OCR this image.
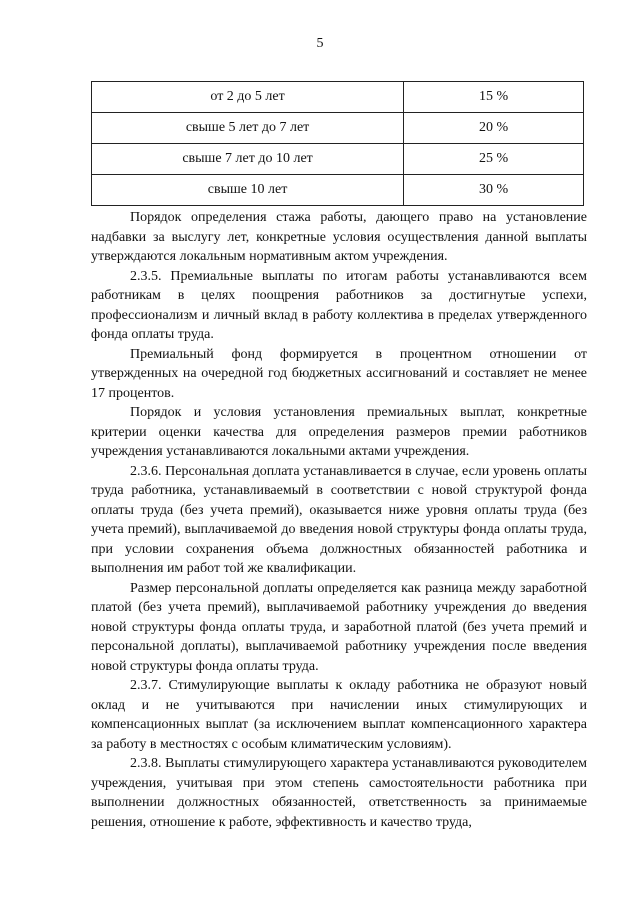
5
от 2 до 5 лет	15 %
свыше 5 лет до 7 лет	20 %
свыше 7 лет до 10 лет	25 %
свыше 10 лет	30 %

Порядок определения стажа работы, дающего право на установление надбавки за выслугу лет, конкретные условия осуществления данной выплаты утверждаются локальным нормативным актом учреждения.

2.3.5. Премиальные выплаты по итогам работы устанавливаются всем работникам в целях поощрения работников за достигнутые успехи, профессионализм и личный вклад в работу коллектива в пределах утвержденного фонда оплаты труда.

Премиальный фонд формируется в процентном отношении от утвержденных на очередной год бюджетных ассигнований и составляет не менее 17 процентов.

Порядок и условия установления премиальных выплат, конкретные критерии оценки качества для определения размеров премии работников учреждения устанавливаются локальными актами учреждения.

2.3.6. Персональная доплата устанавливается в случае, если уровень оплаты труда работника, устанавливаемый в соответствии с новой структурой фонда оплаты труда (без учета премий), оказывается ниже уровня оплаты труда (без учета премий), выплачиваемой до введения новой структуры фонда оплаты труда, при условии сохранения объема должностных обязанностей работника и выполнения им работ той же квалификации.

Размер персональной доплаты определяется как разница между заработной платой (без учета премий), выплачиваемой работнику учреждения до введения новой структуры фонда оплаты труда, и заработной платой (без учета премий и персональной доплаты), выплачиваемой работнику учреждения после введения новой структуры фонда оплаты труда.

2.3.7. Стимулирующие выплаты к окладу работника не образуют новый оклад и не учитываются при начислении иных стимулирующих и компенсационных выплат (за исключением выплат компенсационного характера за работу в местностях с особым климатическим условиям).

2.3.8. Выплаты стимулирующего характера устанавливаются руководителем учреждения, учитывая при этом степень самостоятельности работника при выполнении должностных обязанностей, ответственность за принимаемые решения, отношение к работе, эффективность и качество труда,
